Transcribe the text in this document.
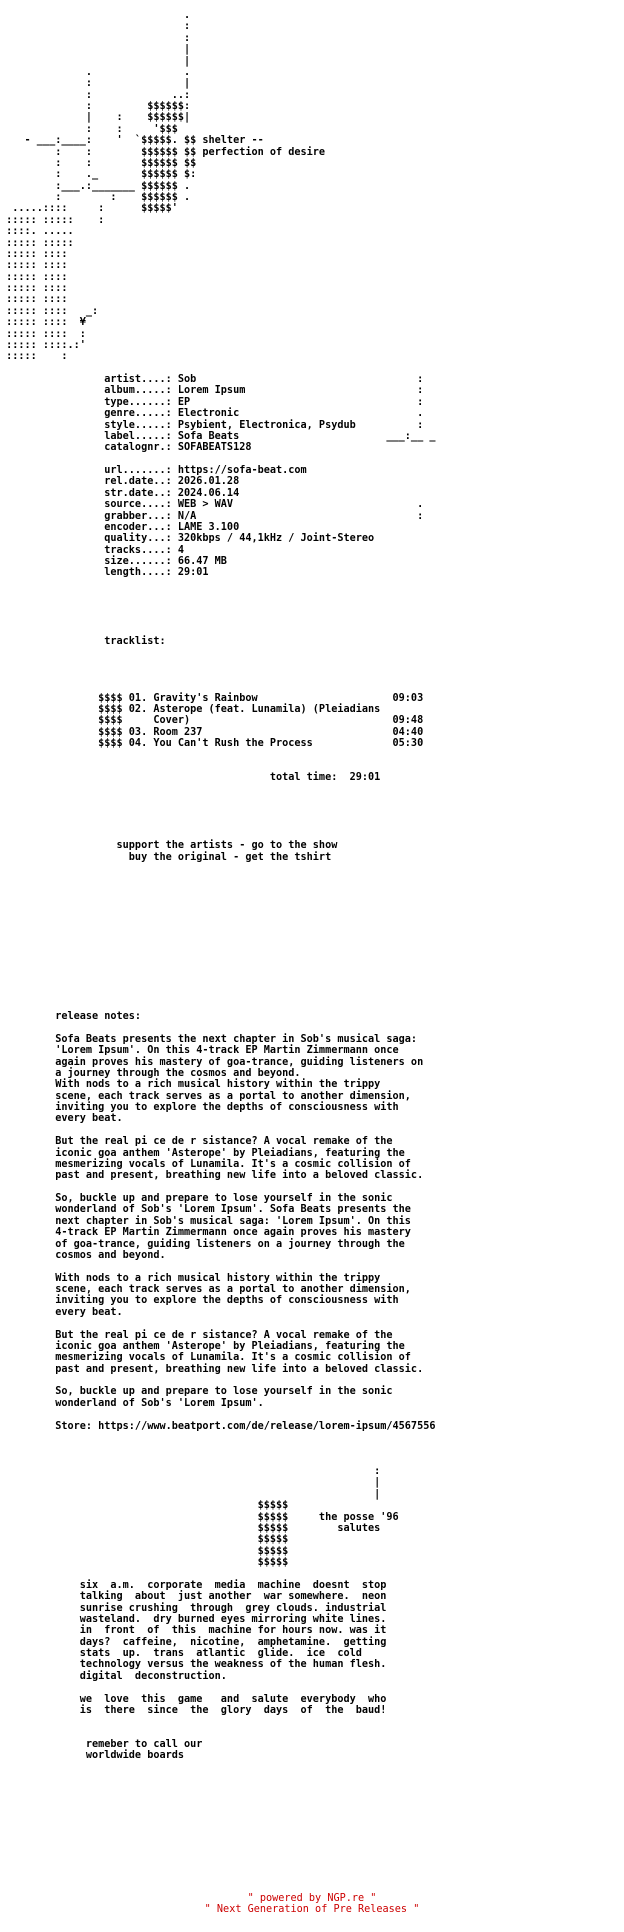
.
:
:
|
|
.               .
:               |
:             ..:
:         $$$$$$:
|    :    $$$$$$|
:    :     '$$$
- ___:____:    '  `$$$$$. $$ shelter --
:    :        $$$$$$ $$ perfection of desire
:    :        $$$$$$ $$
:    ._       $$$$$$ $:
:___.:_______ $$$$$$ .
:        :    $$$$$$ .
.....::::     :      $$$$$'
::::: :::::    :
::::. .....
::::: :::::
::::: ::::
::::: ::::
::::: ::::
::::: ::::
::::: ::::
::::: ::::   _:
::::: ::::  ¥
::::: ::::  :
::::: ::::.:'
:::::    :

artist....: Sob                                    :
album.....: Lorem Ipsum                            :
type......: EP                                     :
genre.....: Electronic                             .
style.....: Psybient, Electronica, Psydub          :
label.....: Sofa Beats                        ___:__ _
catalognr.: SOFABEATS128

url.......: https://sofa-beat.com
rel.date..: 2026.01.28
str.date..: 2024.06.14
source....: WEB > WAV                              .
grabber...: N/A                                    :
encoder...: LAME 3.100
quality...: 320kbps / 44,1kHz / Joint-Stereo
tracks....: 4
size......: 66.47 MB
length....: 29:01

tracklist:

$$$$ 01. Gravity's Rainbow                      09:03
$$$$ 02. Asterope (feat. Lunamila) (Pleiadians
$$$$     Cover)                                 09:48
$$$$ 03. Room 237                               04:40
$$$$ 04. You Can't Rush the Process             05:30

total time:  29:01

support the artists - go to the show
buy the original - get the tshirt

release notes:

Sofa Beats presents the next chapter in Sob's musical saga:
'Lorem Ipsum'. On this 4-track EP Martin Zimmermann once
again proves his mastery of goa-trance, guiding listeners on
a journey through the cosmos and beyond.
With nods to a rich musical history within the trippy
scene, each track serves as a portal to another dimension,
inviting you to explore the depths of consciousness with
every beat.

But the real pi ce de r sistance? A vocal remake of the
iconic goa anthem 'Asterope' by Pleiadians, featuring the
mesmerizing vocals of Lunamila. It's a cosmic collision of
past and present, breathing new life into a beloved classic.

So, buckle up and prepare to lose yourself in the sonic
wonderland of Sob's 'Lorem Ipsum'. Sofa Beats presents the
next chapter in Sob's musical saga: 'Lorem Ipsum'. On this
4-track EP Martin Zimmermann once again proves his mastery
of goa-trance, guiding listeners on a journey through the
cosmos and beyond.

With nods to a rich musical history within the trippy
scene, each track serves as a portal to another dimension,
inviting you to explore the depths of consciousness with
every beat.

But the real pi ce de r sistance? A vocal remake of the
iconic goa anthem 'Asterope' by Pleiadians, featuring the
mesmerizing vocals of Lunamila. It's a cosmic collision of
past and present, breathing new life into a beloved classic.

So, buckle up and prepare to lose yourself in the sonic
wonderland of Sob's 'Lorem Ipsum'.

Store: https://www.beatport.com/de/release/lorem-ipsum/4567556

:
|
|
$$$$$
$$$$$     the posse '96
$$$$$        salutes
$$$$$
$$$$$
$$$$$

six  a.m.  corporate  media  machine  doesnt  stop
talking  about  just another  war somewhere.  neon
sunrise crushing  through  grey clouds. industrial
wasteland.  dry burned eyes mirroring white lines.
in  front  of  this  machine for hours now. was it
days?  caffeine,  nicotine,  amphetamine.  getting
stats  up.  trans  atlantic  glide.  ice  cold
technology versus the weakness of the human flesh.
digital  deconstruction.

we  love  this  game   and  salute  everybody  who
is  there  since  the  glory  days  of  the  baud!

remeber to call our
worldwide boards

" powered by NGP.re "
" Next Generation of Pre Releases "
